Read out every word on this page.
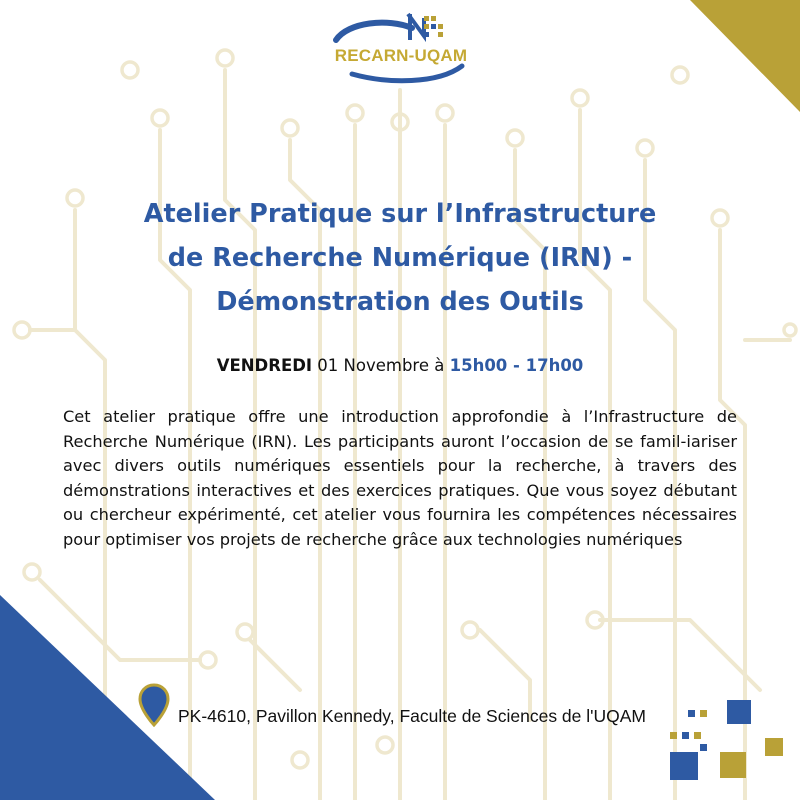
RECARN-UQAM
Atelier Pratique sur l’Infrastructure
de Recherche Numérique (IRN) -
Démonstration des Outils
VENDREDI 01 Novembre à 15h00 - 17h00
Cet atelier pratique offre une introduction approfondie à l’Infrastructure de Recherche Numérique (IRN). Les participants auront l’occasion de se famil-iariser avec divers outils numériques essentiels pour la recherche, à travers des démonstrations interactives et des exercices pratiques. Que vous soyez débutant ou chercheur expérimenté, cet atelier vous fournira les compétences nécessaires pour optimiser vos projets de recherche grâce aux technologies numériques
PK-4610, Pavillon Kennedy, Faculte de Sciences de l'UQAM
